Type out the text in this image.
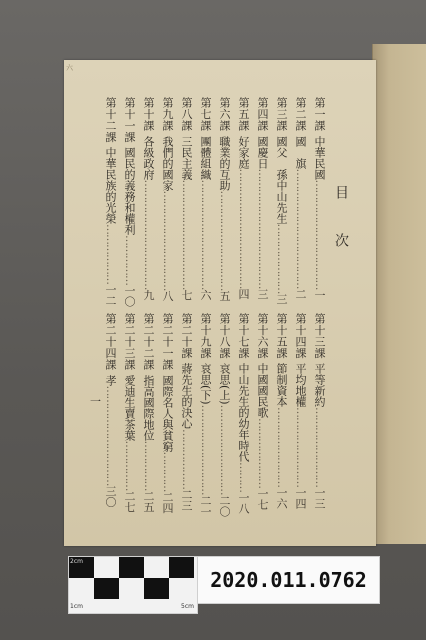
六
目次
第一課中華民國……………………………一
第二課國　旗………………………………二
第三課國父　孫中山先生…………………三
第四課國慶日………………………………三
第五課好家庭………………………………四
第六課職業的互助…………………………五
第七課團體組織……………………………六
第八課三民主義……………………………七
第九課我們的國家…………………………八
第十課各級政府……………………………九
第十一課國民的義務和權利……………一〇
第十二課中華民族的光榮………………一二
第十三課平等新約……………………一三
第十四課平均地權……………………一四
第十五課節制資本……………………一六
第十六課中國國民歌…………………一七
第十七課中山先生的幼年時代………一八
第十八課哀思(上)………………………二〇
第十九課哀思(下)………………………二一
第二十課蔣先生的決心………………二三
第二十一課國際名人與貧窮…………二四
第二十二課指高國際地位……………二五
第二十三課愛迪生賣茶葉……………二七
第二十四課孝…………………………三〇
一
2cm
1cm	5cm
2020.011.0762
